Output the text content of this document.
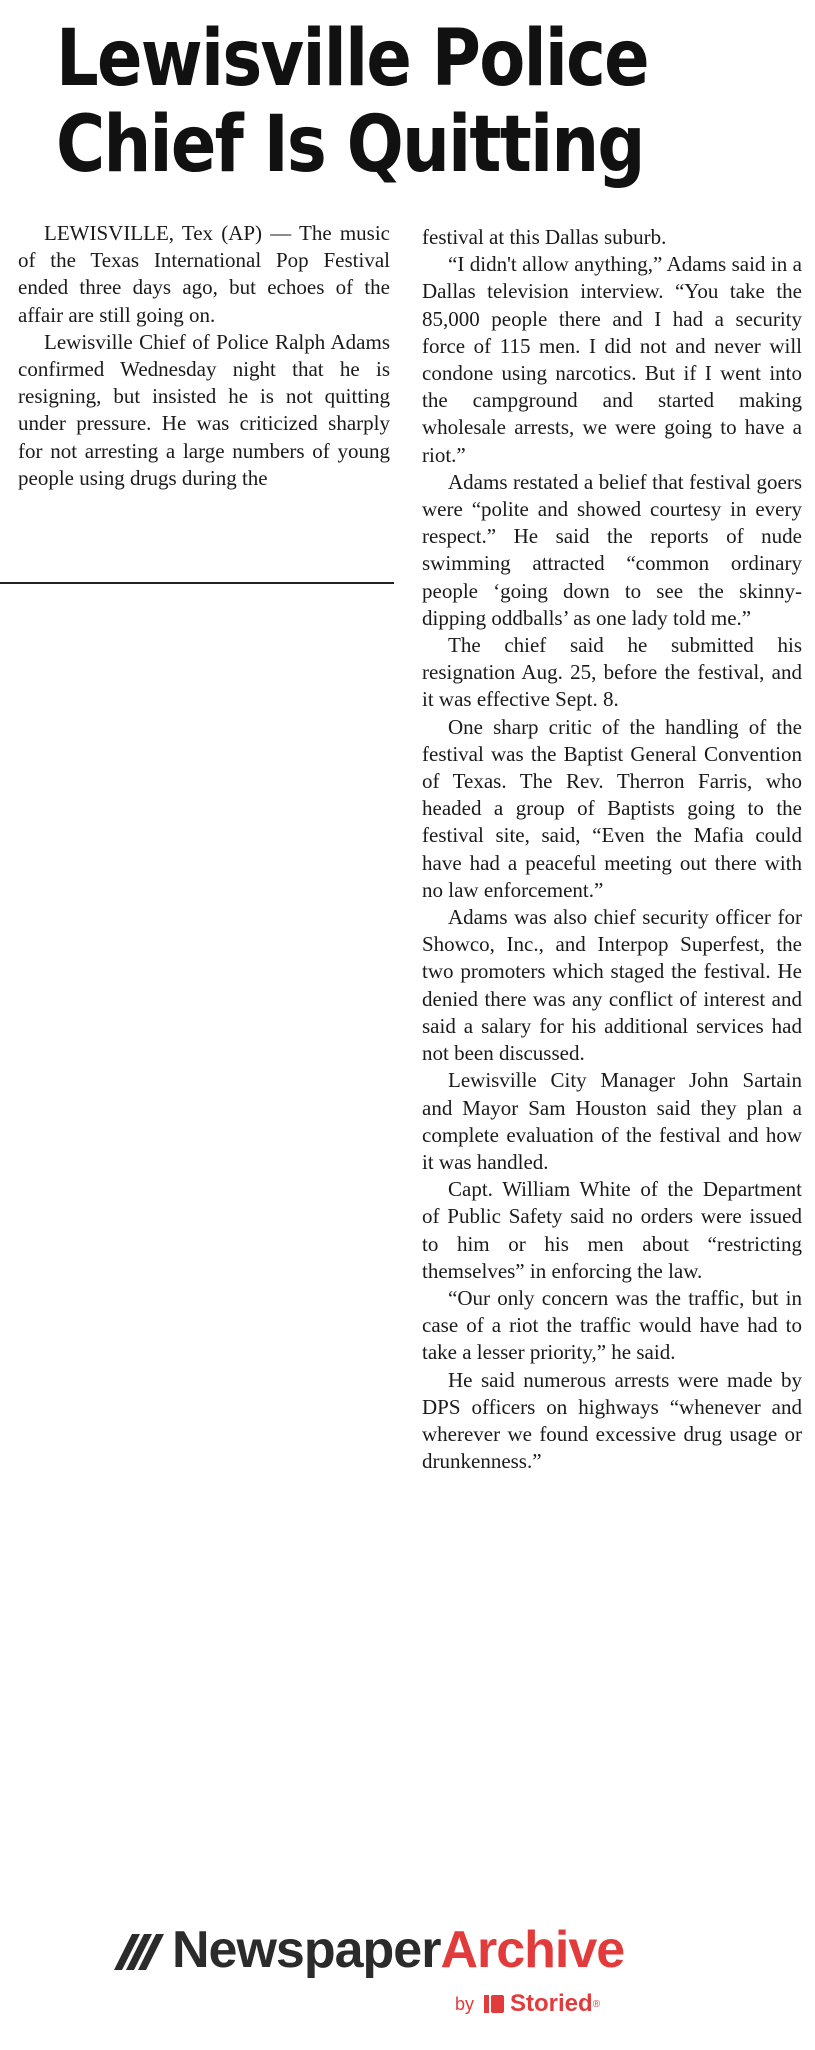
Lewisville Police
Chief Is Quitting

LEWISVILLE, Tex (AP) — The music of the Texas International Pop Festival ended three days ago, but echoes of the affair are still going on.

Lewisville Chief of Police Ralph Adams confirmed Wednesday night that he is resigning, but insisted he is not quitting under pressure. He was criticized sharply for not arresting a large numbers of young people using drugs during the

festival at this Dallas suburb.

“I didn't allow anything,” Adams said in a Dallas television interview. “You take the 85,000 people there and I had a security force of 115 men. I did not and never will condone using narcotics. But if I went into the campground and started making wholesale arrests, we were going to have a riot.”

Adams restated a belief that festival goers were “polite and showed courtesy in every respect.” He said the reports of nude swimming attracted “common ordinary people ‘going down to see the skinny-dipping oddballs’ as one lady told me.”

The chief said he submitted his resignation Aug. 25, before the festival, and it was effective Sept. 8.

One sharp critic of the handling of the festival was the Baptist General Convention of Texas. The Rev. Therron Farris, who headed a group of Baptists going to the festival site, said, “Even the Mafia could have had a peaceful meeting out there with no law enforcement.”

Adams was also chief security officer for Showco, Inc., and Interpop Superfest, the two promoters which staged the festival. He denied there was any conflict of interest and said a salary for his additional services had not been discussed.

Lewisville City Manager John Sartain and Mayor Sam Houston said they plan a complete evaluation of the festival and how it was handled.

Capt. William White of the Department of Public Safety said no orders were issued to him or his men about “restricting themselves” in enforcing the law.

“Our only concern was the traffic, but in case of a riot the traffic would have had to take a lesser priority,” he said.

He said numerous arrests were made by DPS officers on highways “whenever and wherever we found excessive drug usage or drunkenness.”

Newspaper Archive
by Storied ®
